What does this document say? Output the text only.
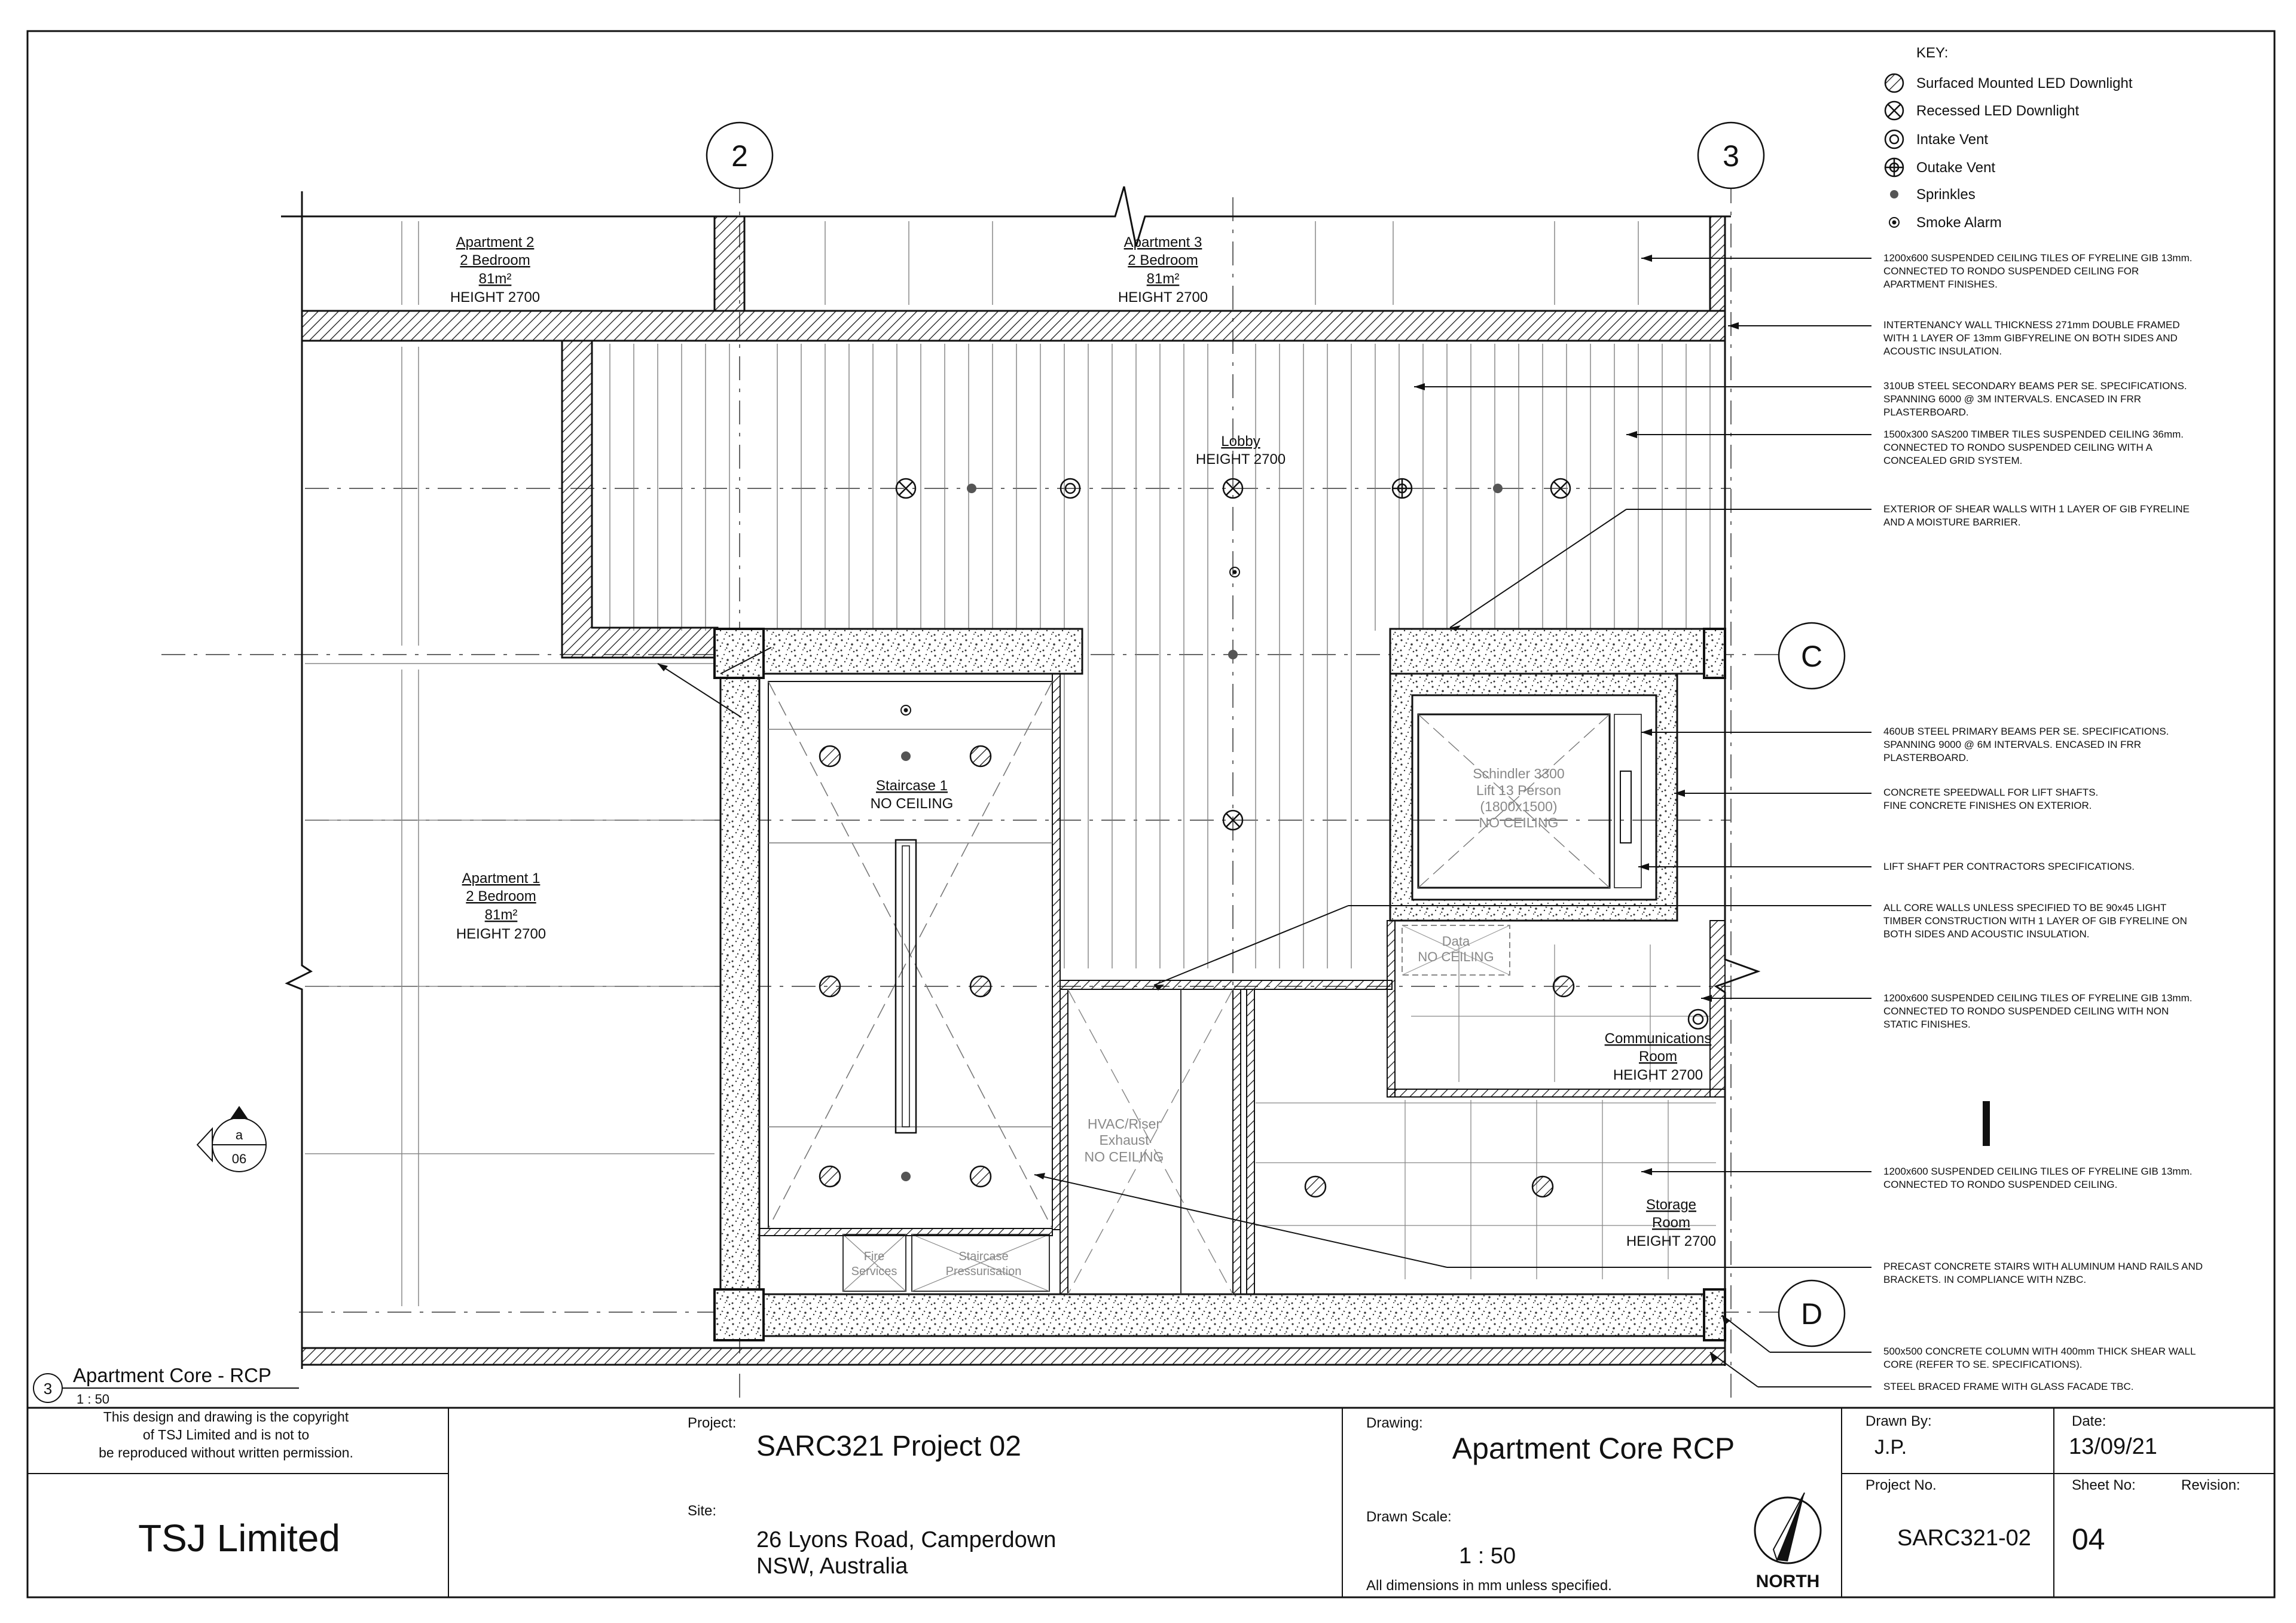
2	3
C
D
a
06
Apartment 2
2 Bedroom
81m²
HEIGHT 2700
Apartment 3
2 Bedroom
81m²
HEIGHT 2700
Lobby
HEIGHT 2700
Apartment 1
2 Bedroom
81m²
HEIGHT 2700
Staircase 1
NO CEILING
Schindler 3300
Lift 13 Person
(1800x1500)
NO CEILING
Data
NO CEILING
Communications
Room
HEIGHT 2700
HVAC/Riser
Exhaust
NO CEILING
Storage
Room
HEIGHT 2700
Fire
Services
Staircase
Pressurisation
KEY:
Surfaced Mounted LED Downlight
Recessed LED Downlight
Intake Vent
Outake Vent
Sprinkles
Smoke Alarm
1200x600 SUSPENDED CEILING TILES OF FYRELINE GIB 13mm.
CONNECTED TO RONDO SUSPENDED CEILING FOR
APARTMENT FINISHES.
INTERTENANCY WALL THICKNESS 271mm DOUBLE FRAMED
WITH 1 LAYER OF 13mm GIBFYRELINE ON BOTH SIDES AND
ACOUSTIC INSULATION.
310UB STEEL SECONDARY BEAMS PER SE. SPECIFICATIONS.
SPANNING 6000 @ 3M INTERVALS. ENCASED IN FRR
PLASTERBOARD.
1500x300 SAS200 TIMBER TILES SUSPENDED CEILING 36mm.
CONNECTED TO RONDO SUSPENDED CEILING WITH A
CONCEALED GRID SYSTEM.
EXTERIOR OF SHEAR WALLS WITH 1 LAYER OF GIB FYRELINE
AND A MOISTURE BARRIER.
460UB STEEL PRIMARY BEAMS PER SE. SPECIFICATIONS.
SPANNING 9000 @ 6M INTERVALS. ENCASED IN FRR
PLASTERBOARD.
CONCRETE SPEEDWALL FOR LIFT SHAFTS.
FINE CONCRETE FINISHES ON EXTERIOR.
LIFT SHAFT PER CONTRACTORS SPECIFICATIONS.
ALL CORE WALLS UNLESS SPECIFIED TO BE 90x45 LIGHT
TIMBER CONSTRUCTION WITH 1 LAYER OF GIB FYRELINE ON
BOTH SIDES AND ACOUSTIC INSULATION.
1200x600 SUSPENDED CEILING TILES OF FYRELINE GIB 13mm.
CONNECTED TO RONDO SUSPENDED CEILING WITH NON
STATIC FINISHES.
1200x600 SUSPENDED CEILING TILES OF FYRELINE GIB 13mm.
CONNECTED TO RONDO SUSPENDED CEILING.
PRECAST CONCRETE STAIRS WITH ALUMINUM HAND RAILS AND
BRACKETS. IN COMPLIANCE WITH NZBC.
500x500 CONCRETE COLUMN WITH 400mm THICK SHEAR WALL
CORE (REFER TO SE. SPECIFICATIONS).
STEEL BRACED FRAME WITH GLASS FACADE TBC.
3
Apartment Core - RCP
1 : 50
This design and drawing is the copyright
of TSJ Limited and is not to
be reproduced without written permission.
TSJ Limited
Project:
SARC321 Project 02
Site:
26 Lyons Road, Camperdown
NSW, Australia
Drawing:
Apartment Core RCP
Drawn Scale:
1 : 50
All dimensions in mm unless specified.	NORTH
Drawn By:
J.P.
Date:
13/09/21
Project No.
SARC321-02
Sheet No:
04
Revision:
